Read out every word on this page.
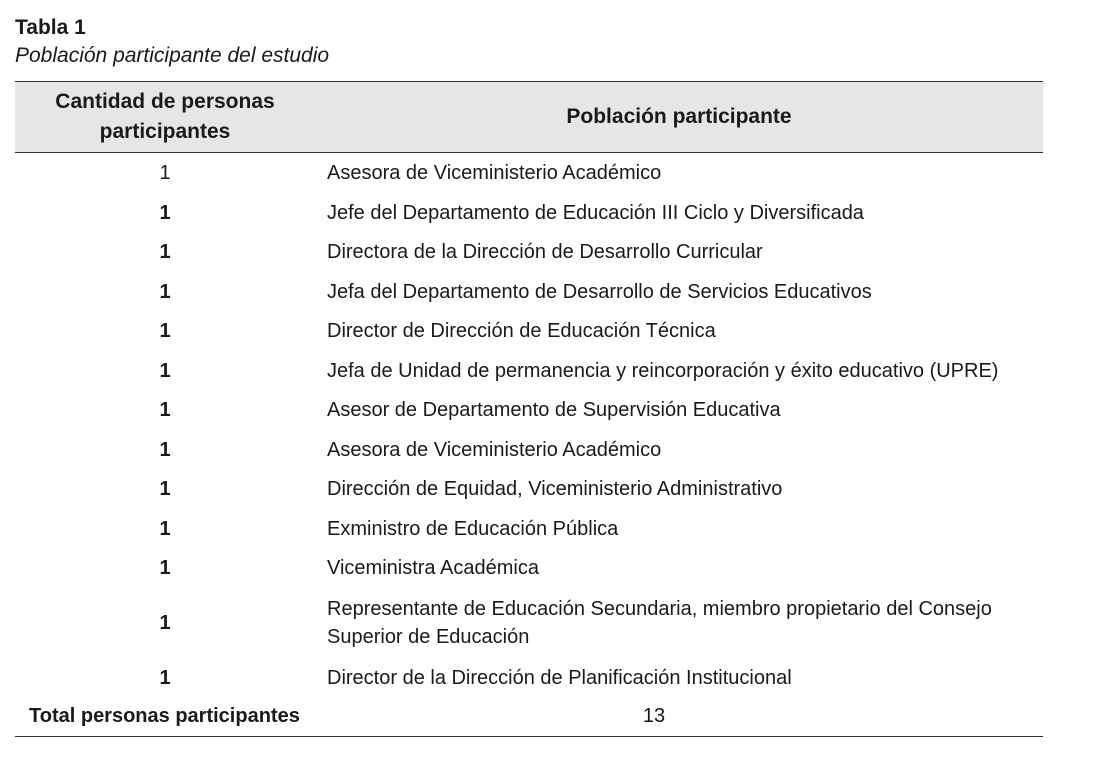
Tabla 1

Población participante del estudio

Cantidad de personas participantes	Población participante
1	Asesora de Viceministerio Académico
1	Jefe del Departamento de Educación III Ciclo y Diversificada
1	Directora de la Dirección de Desarrollo Curricular
1	Jefa del Departamento de Desarrollo de Servicios Educativos
1	Director de Dirección de Educación Técnica
1	Jefa de Unidad de permanencia y reincorporación y éxito educativo (UPRE)
1	Asesor de Departamento de Supervisión Educativa
1	Asesora de Viceministerio Académico
1	Dirección de Equidad, Viceministerio Administrativo
1	Exministro de Educación Pública
1	Viceministra Académica
1	Representante de Educación Secundaria, miembro propietario del Consejo Superior de Educación
1	Director de la Dirección de Planificación Institucional
Total personas participantes	13
